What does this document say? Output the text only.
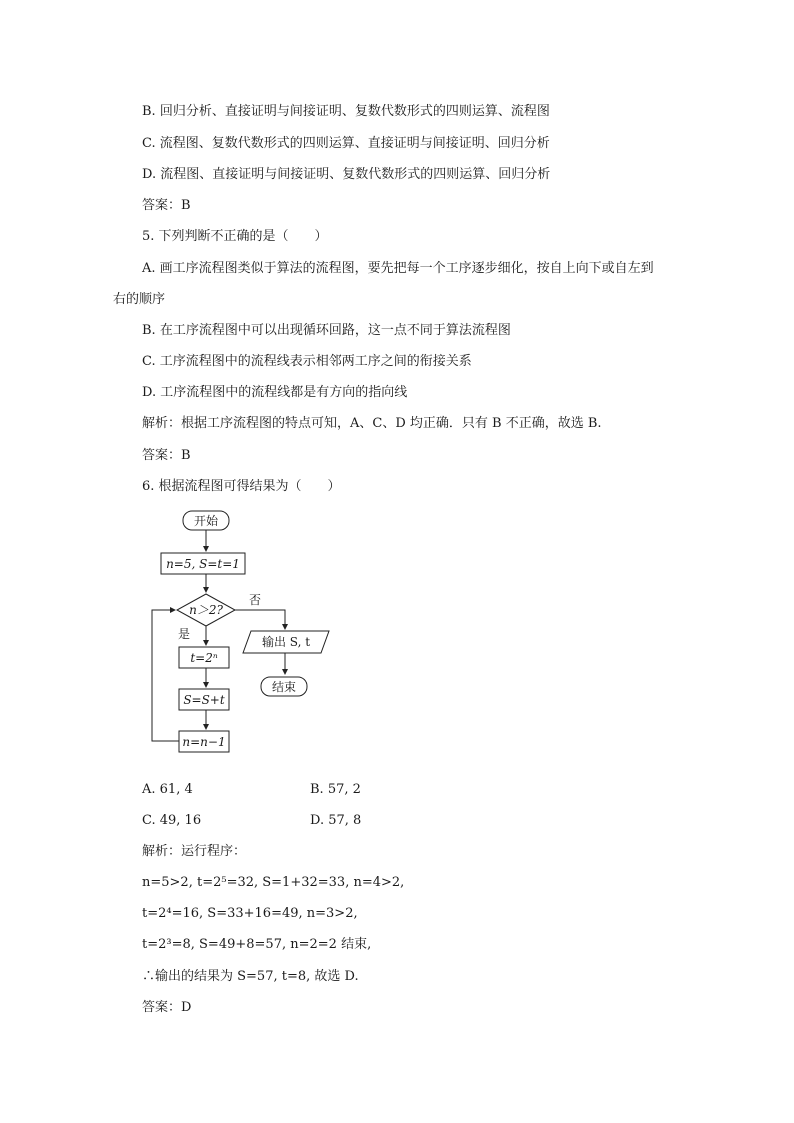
B. 回归分析、直接证明与间接证明、复数代数形式的四则运算、流程图
C. 流程图、复数代数形式的四则运算、直接证明与间接证明、回归分析
D. 流程图、直接证明与间接证明、复数代数形式的四则运算、回归分析
答案：B
5. 下列判断不正确的是（　　）
A. 画工序流程图类似于算法的流程图，要先把每一个工序逐步细化，按自上向下或自左到
右的顺序
B. 在工序流程图中可以出现循环回路，这一点不同于算法流程图
C. 工序流程图中的流程线表示相邻两工序之间的衔接关系
D. 工序流程图中的流程线都是有方向的指向线
解析：根据工序流程图的特点可知，A、C、D 均正确．只有 B 不正确，故选 B.
答案：B
6. 根据流程图可得结果为（　　）
开始
n=5, S=t=1
n＞2?
否
是
输出 S, t
结束
t=2ⁿ
S=S+t
n=n−1
A. 61, 4	B. 57, 2
C. 49, 16	D. 57, 8
解析：运行程序：
n=5>2, t=2⁵=32, S=1+32=33, n=4>2,
t=2⁴=16, S=33+16=49, n=3>2,
t=2³=8, S=49+8=57, n=2=2 结束,
∴输出的结果为 S=57, t=8, 故选 D.
答案：D
